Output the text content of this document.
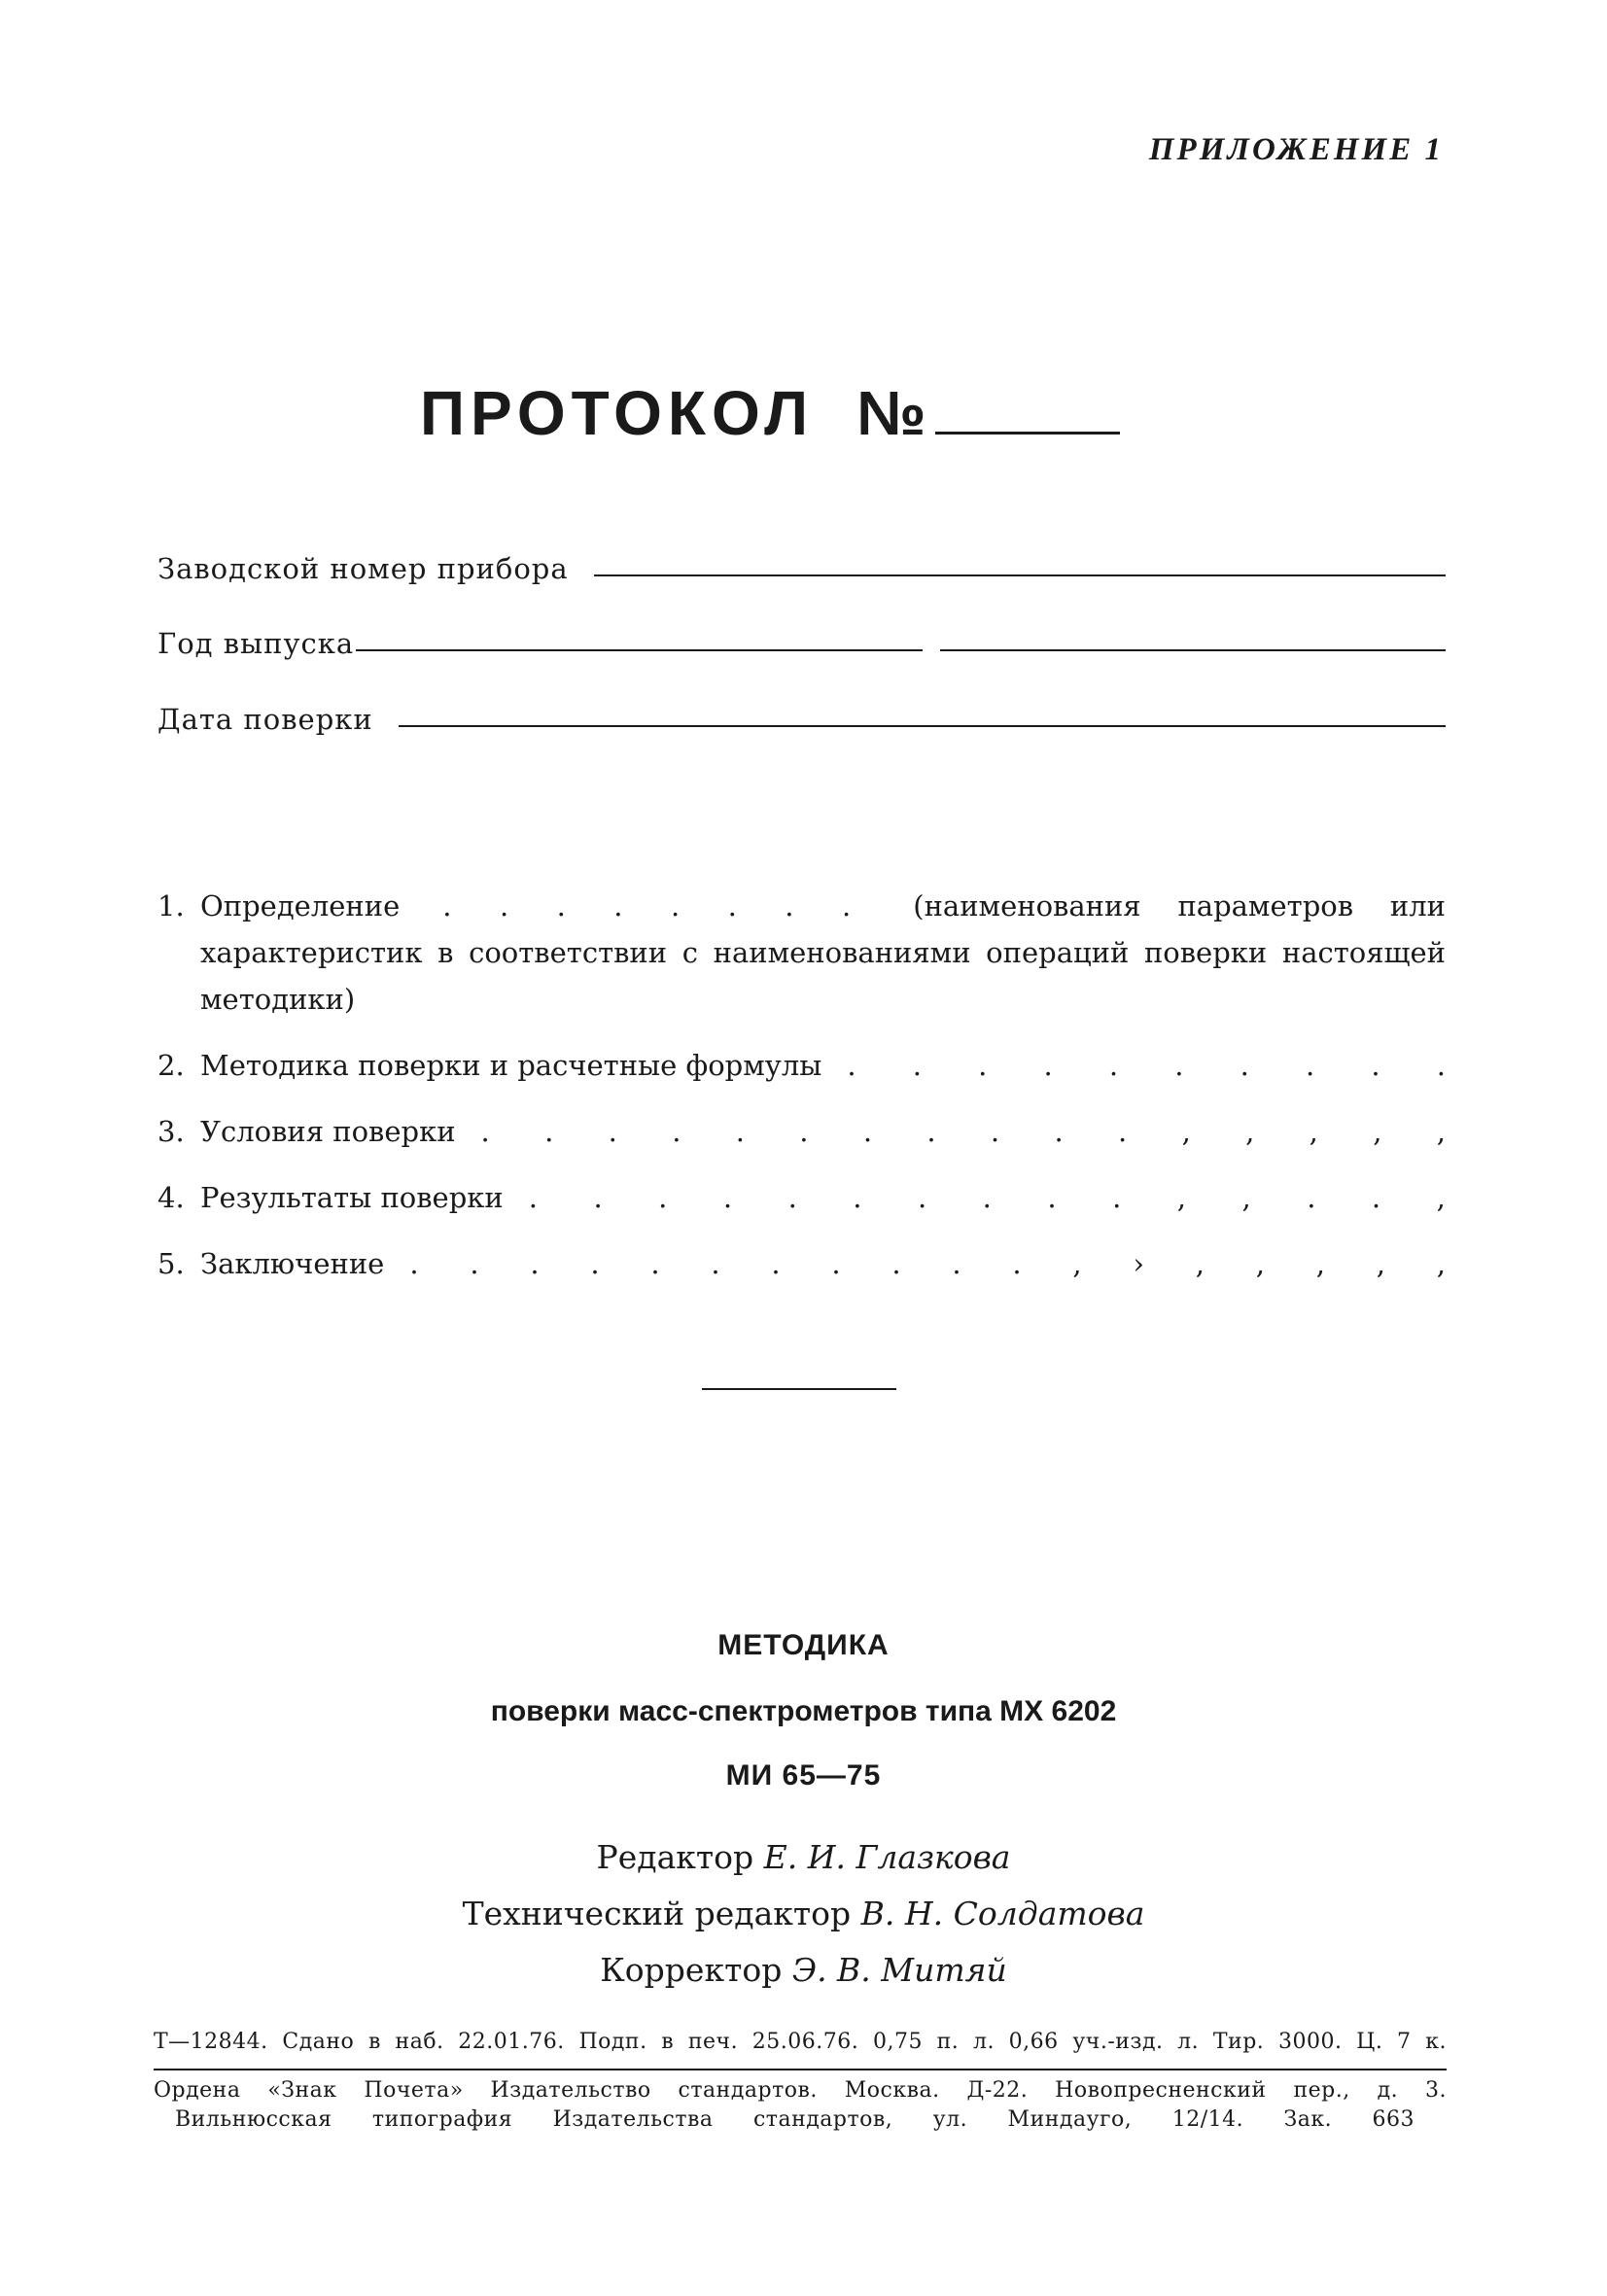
ПРИЛОЖЕНИЕ 1
ПРОТОКОЛ №
Заводской номер прибора
Год выпуска
Дата поверки
1. Определение . . . . . . . . (наименования параметров или
характеристик в соответствии с наименованиями операций поверки настоящей
методики)
2. Методика поверки и расчетные формулы . . . . . . . . . .
3. Условия поверки . . . . . . . . . . . , , , , ,
4. Результаты поверки . . . . . . . . . . , , . . ,
5. Заключение . . . . . . . . . . . , › , , , , ,
МЕТОДИКА
поверки масс-спектрометров типа МХ 6202
МИ 65—75
Редактор Е. И. Глазкова
Технический редактор В. Н. Солдатова
Корректор Э. В. Митяй
Т—12844. Сдано в наб. 22.01.76. Подп. в печ. 25.06.76. 0,75 п. л. 0,66 уч.-изд. л. Тир. 3000. Ц. 7 к.
Ордена «Знак Почета» Издательство стандартов. Москва. Д-22. Новопресненский пер., д. 3.
Вильнюсская типография Издательства стандартов, ул. Миндауго, 12/14. Зак. 663
